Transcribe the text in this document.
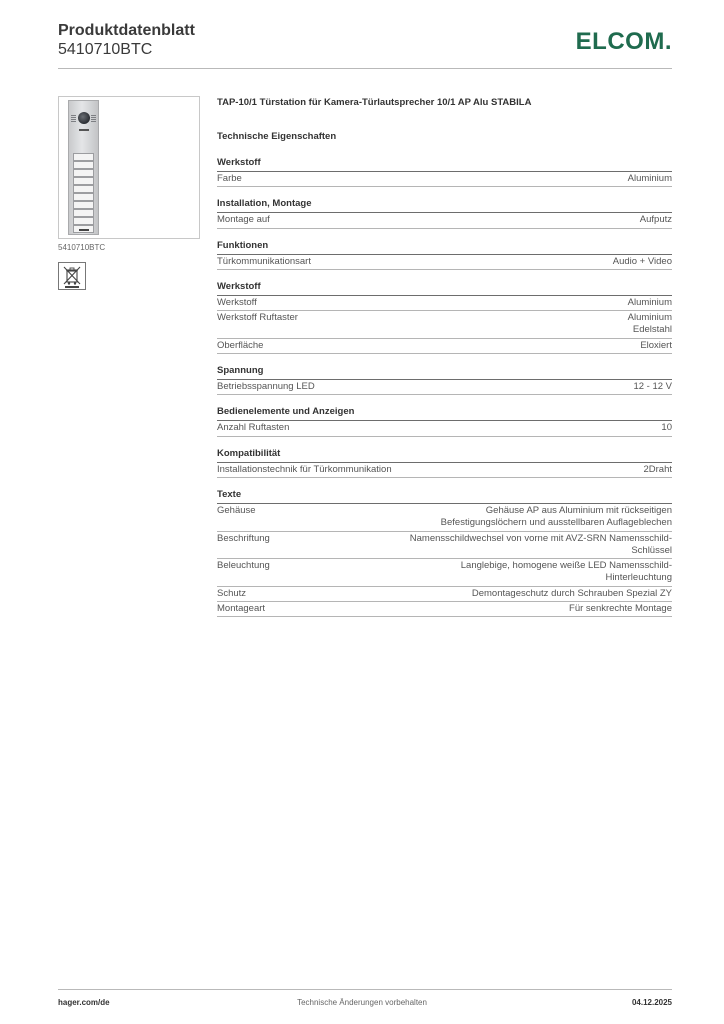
Produktdatenblatt
5410710BTC	ELCOM.
5410710BTC
TAP-10/1 Türstation für Kamera-Türlautsprecher 10/1 AP Alu STABILA
Technische Eigenschaften
Werkstoff
Farbe	Aluminium
Installation, Montage
Montage auf	Aufputz
Funktionen
Türkommunikationsart	Audio + Video
Werkstoff
Werkstoff	Aluminium
Werkstoff Ruftaster	Aluminium
Edelstahl
Oberfläche	Eloxiert
Spannung
Betriebsspannung LED	12 - 12 V
Bedienelemente und Anzeigen
Anzahl Ruftasten	10
Kompatibilität
Installationstechnik für Türkommunikation	2Draht
Texte
Gehäuse	Gehäuse AP aus Aluminium mit rückseitigen
Befestigungslöchern und ausstellbaren Auflageblechen
Beschriftung	Namensschildwechsel von vorne mit AVZ-SRN Namensschild-
Schlüssel
Beleuchtung	Langlebige, homogene weiße LED Namensschild-
Hinterleuchtung
Schutz	Demontageschutz durch Schrauben Spezial ZY
Montageart	Für senkrechte Montage
hager.com/de	Technische Änderungen vorbehalten	04.12.2025
